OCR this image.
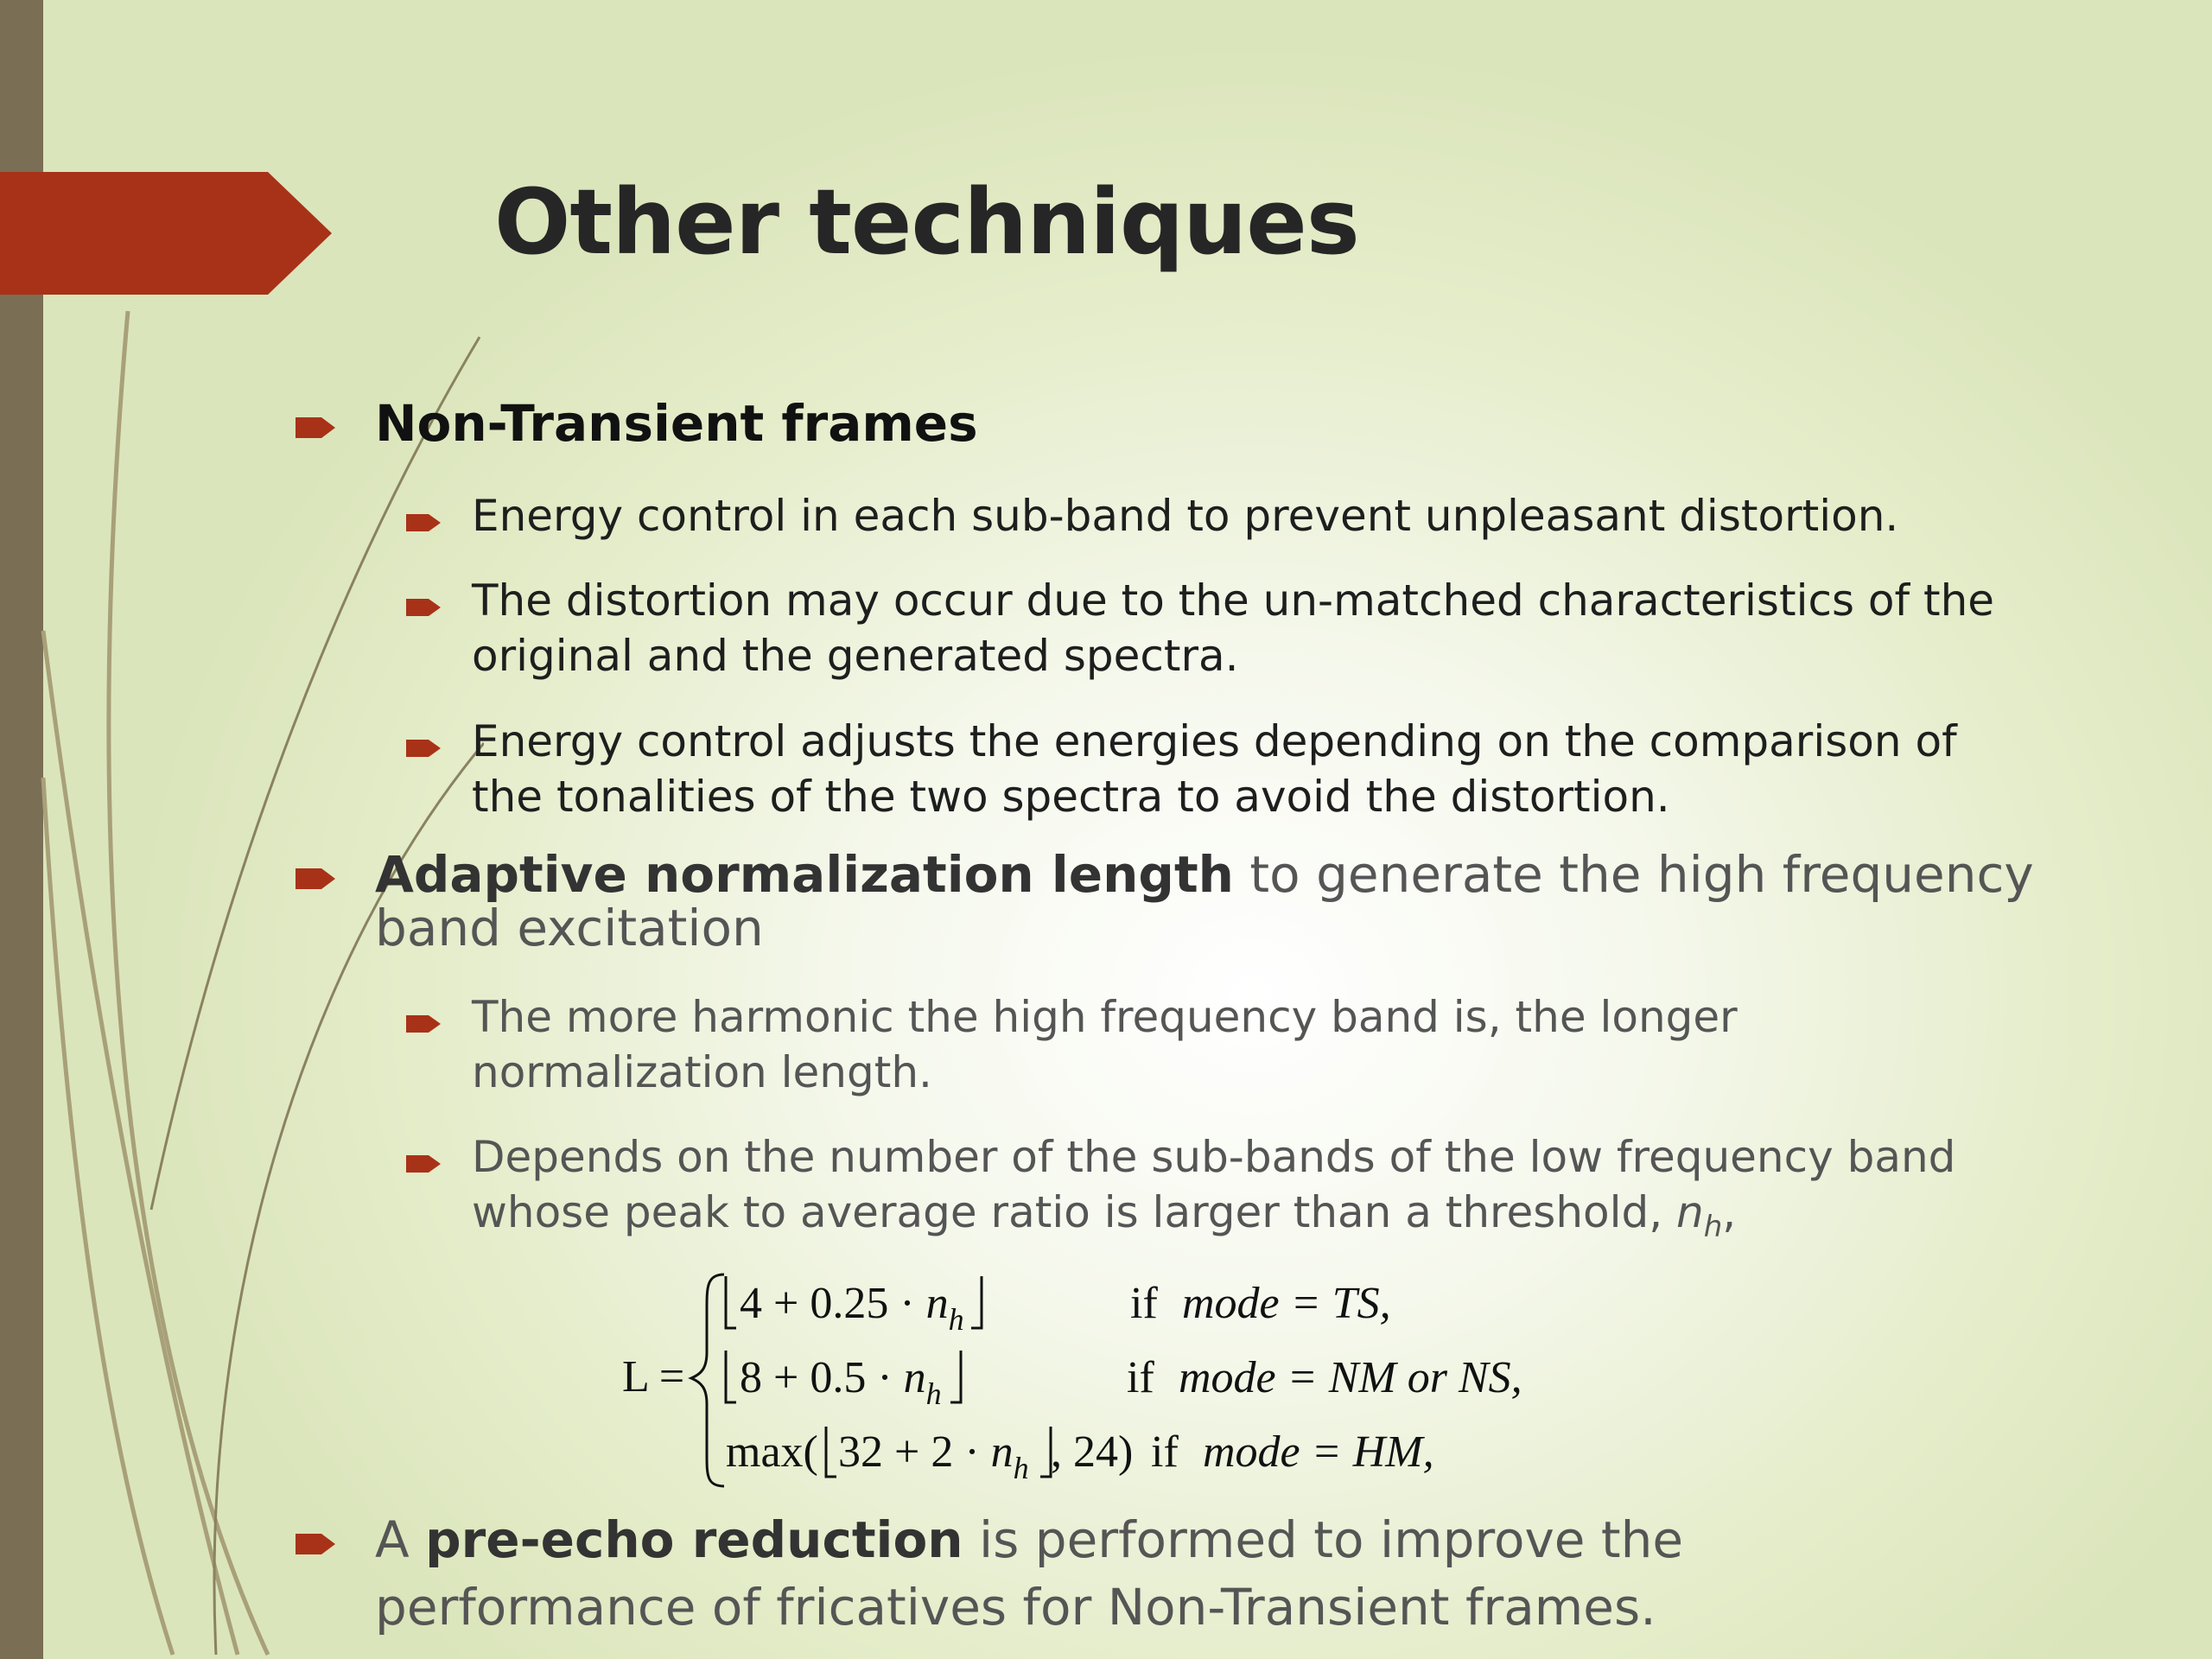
Other techniques

Non-Transient frames

Energy control in each sub-band to prevent unpleasant distortion.

The distortion may occur due to the un-matched characteristics of the

original and the generated spectra.

Energy control adjusts the energies depending on the comparison of

the tonalities of the two spectra to avoid the distortion.

Adaptive normalization length to generate the high frequency

band excitation

The more harmonic the high frequency band is, the longer

normalization length.

Depends on the number of the sub-bands of the low frequency band

whose peak to average ratio is larger than a threshold, $n_h$,

L =
$4 + 0.25 \cdot n_h$	if mode = TS,
$8 + 0.5 \cdot n_h$	if mode = NM or NS,
max( $32 + 2 \cdot n_h$ , 24) if mode = HM,

A pre-echo reduction is performed to improve the

performance of fricatives for Non-Transient frames.
